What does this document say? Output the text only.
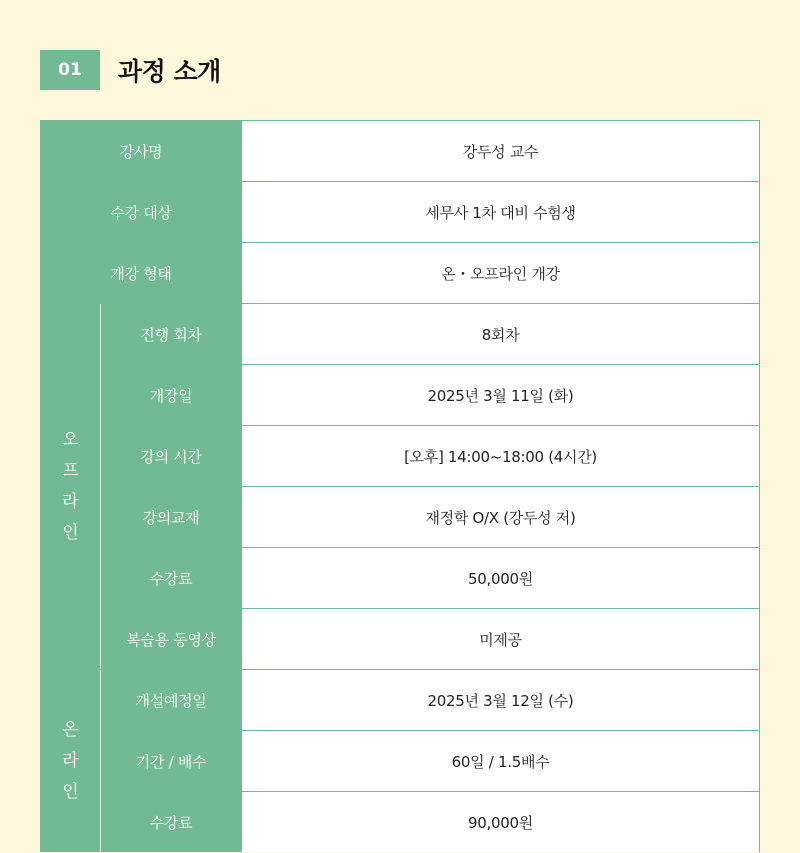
01	과정 소개
강사명	강두성 교수
수강 대상	세무사 1차 대비 수험생
개강 형태	온・오프라인 개강
오프라인
진행 회차	8회차
개강일	2025년 3월 11일 (화)
강의 시간	[오후] 14:00~18:00 (4시간)
강의교재	재정학 O/X (강두성 저)
수강료	50,000원
복습용 동영상	미제공
온라인
개설예정일	2025년 3월 12일 (수)
기간 / 배수	60일 / 1.5배수
수강료	90,000원
